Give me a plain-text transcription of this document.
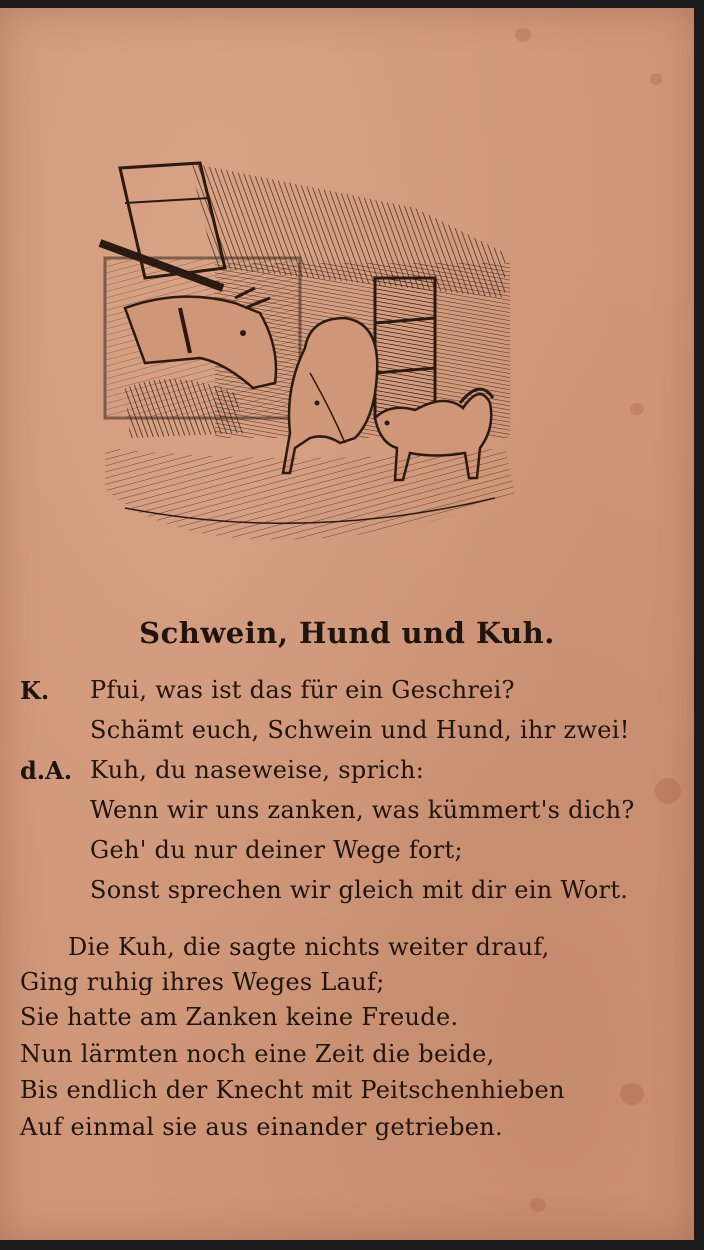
Schwein, Hund und Kuh.
K. Pfui, was ist das für ein Geschrei?
Schämt euch, Schwein und Hund, ihr zwei!
d.A. Kuh, du naseweise, sprich:
Wenn wir uns zanken, was kümmert's dich?
Geh' du nur deiner Wege fort;
Sonst sprechen wir gleich mit dir ein Wort.
Die Kuh, die sagte nichts weiter drauf,
Ging ruhig ihres Weges Lauf;
Sie hatte am Zanken keine Freude.
Nun lärmten noch eine Zeit die beide,
Bis endlich der Knecht mit Peitschenhieben
Auf einmal sie aus einander getrieben.
